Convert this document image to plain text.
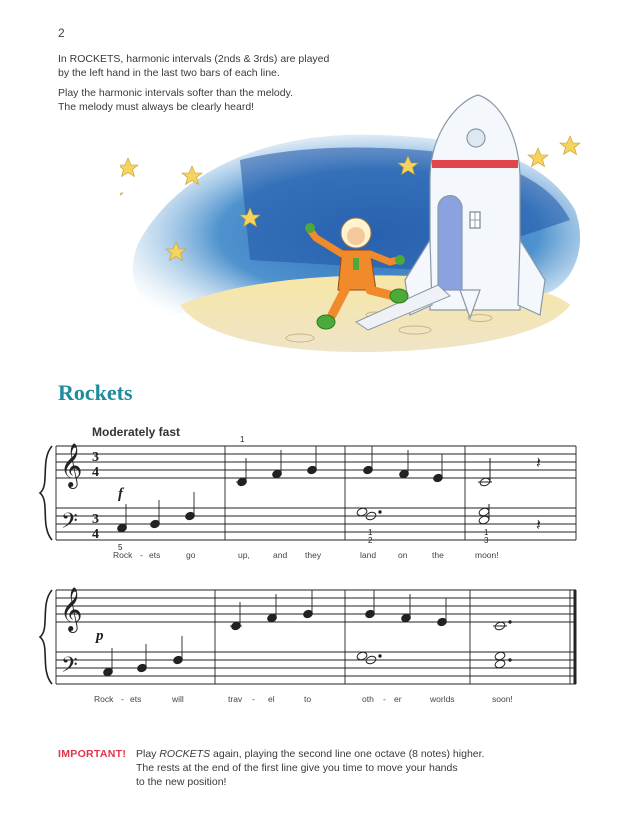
2
In ROCKETS, harmonic intervals (2nds & 3rds) are played
by the left hand in the last two bars of each line.
Play the harmonic intervals softer than the melody.
The melody must always be clearly heard!
Rockets
Moderately fast
𝄞
𝄢
3
4
3
4
f
1
5
1
2
1
3
𝄽
𝄽
Rock - ets	go	up,	and they	land	on	the	moon!
𝄞
𝄢
p
Rock - ets	will	trav - el	to	oth - er	worlds	soon!
IMPORTANT! Play ROCKETS again, playing the second line one octave (8 notes) higher.
The rests at the end of the first line give you time to move your hands
to the new position!
